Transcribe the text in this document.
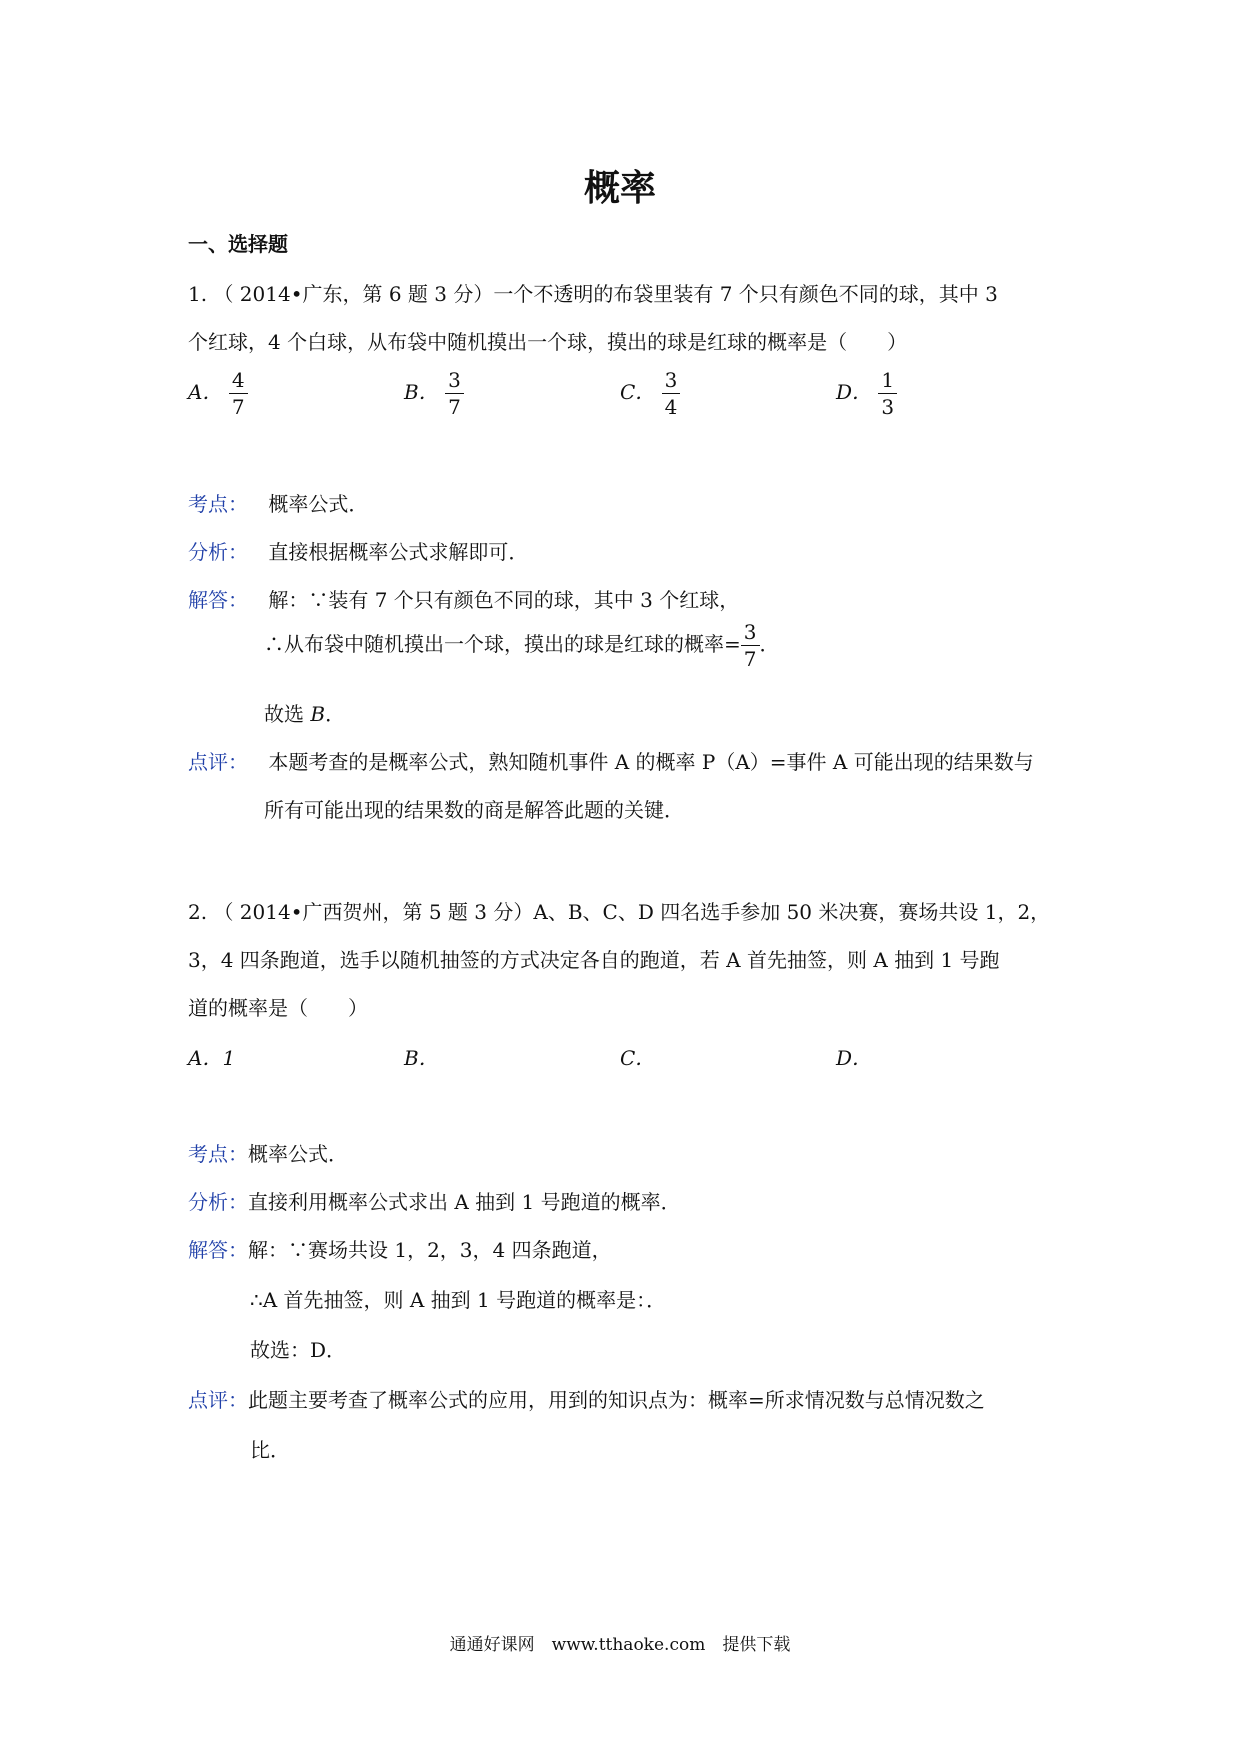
概率
一、选择题
1. （ 2014•广东，第 6 题 3 分）一个不透明的布袋里装有 7 个只有颜色不同的球，其中 3
个红球，4 个白球，从布袋中随机摸出一个球，摸出的球是红球的概率是（　　）
A． $\frac{4}{7}$	B． $\frac{3}{7}$	C． $\frac{3}{4}$	D． $\frac{1}{3}$
考点： 概率公式．
分析： 直接根据概率公式求解即可．
解答： 解：∵装有 7 个只有颜色不同的球，其中 3 个红球，
∴从布袋中随机摸出一个球，摸出的球是红球的概率= $\frac{3}{7}$ ．
故选 B．
点评： 本题考查的是概率公式，熟知随机事件 A 的概率 P（A）=事件 A 可能出现的结果数与
所有可能出现的结果数的商是解答此题的关键．
2. （ 2014•广西贺州，第 5 题 3 分）A、B、C、D 四名选手参加 50 米决赛，赛场共设 1，2，
3，4 四条跑道，选手以随机抽签的方式决定各自的跑道，若 A 首先抽签，则 A 抽到 1 号跑
道的概率是（　　）
A．1	B．	C．	D．
考点：概率公式．
分析：直接利用概率公式求出 A 抽到 1 号跑道的概率．
解答：解：∵赛场共设 1，2，3，4 四条跑道，
∴A 首先抽签，则 A 抽到 1 号跑道的概率是：．
故选：D．
点评：此题主要考查了概率公式的应用，用到的知识点为：概率=所求情况数与总情况数之
比．
通通好课网　www.tthaoke.com　提供下载
